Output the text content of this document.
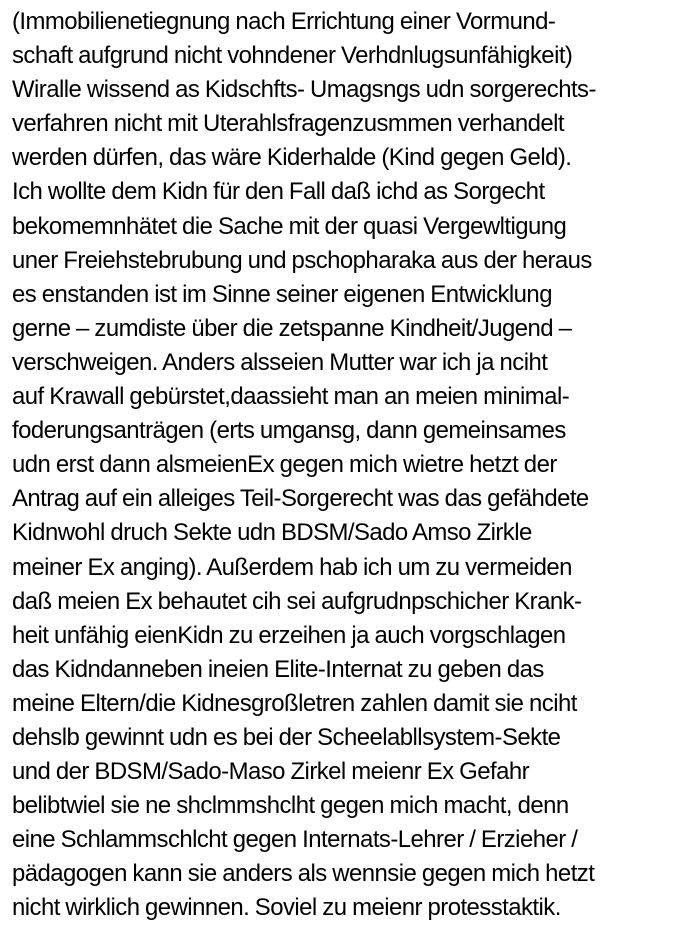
(Immobilienetiegnung nach Errichtung einer Vormund-
schaft aufgrund nicht vohndener Verhdnlugsunfähigkeit)
Wiralle wissend as Kidschfts- Umagsngs udn sorgerechts-
verfahren nicht mit Uterahlsfragenzusmmen verhandelt
werden dürfen, das wäre Kiderhalde (Kind gegen Geld).
Ich wollte dem Kidn für den Fall daß ichd as Sorgecht
bekomemnhätet die Sache mit der quasi Vergewltigung
uner Freiehstebrubung und pschopharaka aus der heraus
es enstanden ist im Sinne seiner eigenen Entwicklung
gerne – zumdiste über die zetspanne Kindheit/Jugend –
verschweigen. Anders alsseien Mutter war ich ja nciht
auf Krawall gebürstet,daassieht man an meien minimal-
foderungsanträgen (erts umgansg, dann gemeinsames
udn erst dann alsmeienEx gegen mich wietre hetzt der
Antrag auf ein alleiges Teil-Sorgerecht was das gefähdete
Kidnwohl druch Sekte udn BDSM/Sado Amso Zirkle
meiner Ex anging). Außerdem hab ich um zu vermeiden
daß meien Ex behautet cih sei aufgrudnpschicher Krank-
heit unfähig eienKidn zu erzeihen ja auch vorgschlagen
das Kidndanneben ineien Elite-Internat zu geben das
meine Eltern/die Kidnesgroßletren zahlen damit sie nciht
dehslb gewinnt udn es bei der Scheelabllsystem-Sekte
und der BDSM/Sado-Maso Zirkel meienr Ex Gefahr
belibtwiel sie ne shclmmshclht gegen mich macht, denn
eine Schlammschlcht gegen Internats-Lehrer / Erzieher /
pädagogen kann sie anders als wennsie gegen mich hetzt
nicht wirklich gewinnen. Soviel zu meienr protesstaktik.
